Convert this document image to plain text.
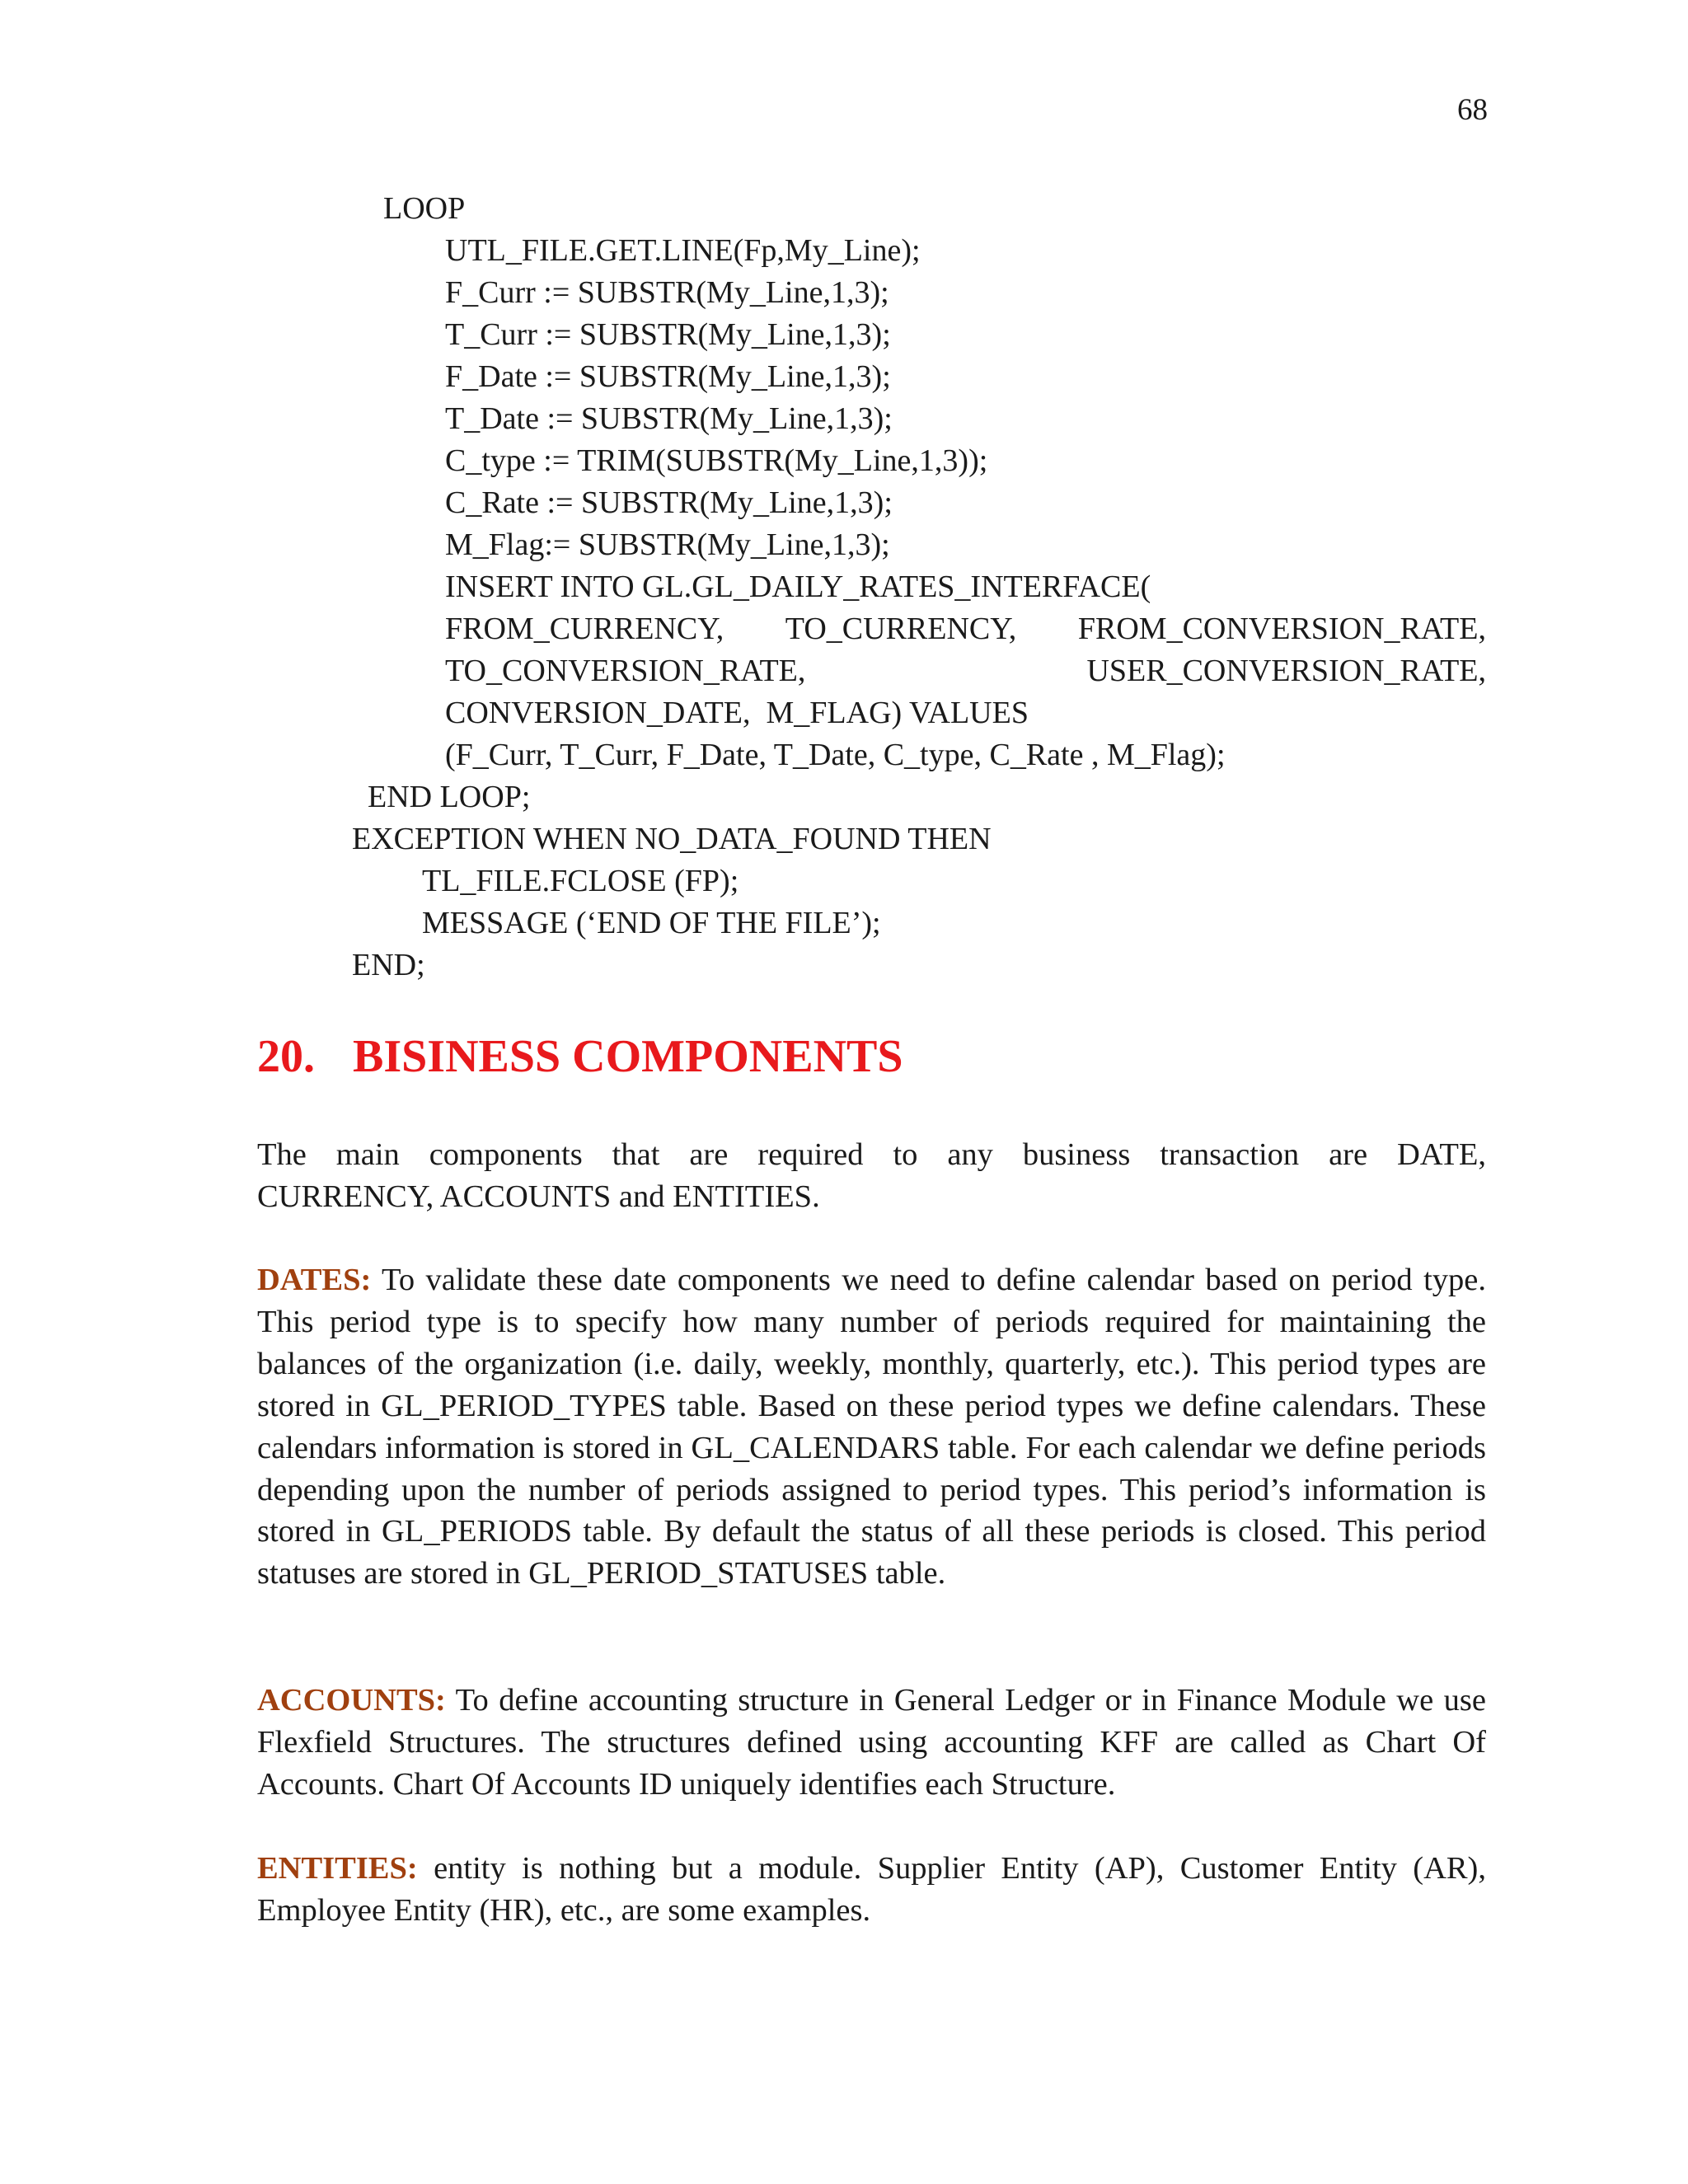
68
LOOP
UTL_FILE.GET.LINE(Fp,My_Line);
F_Curr := SUBSTR(My_Line,1,3);
T_Curr := SUBSTR(My_Line,1,3);
F_Date := SUBSTR(My_Line,1,3);
T_Date := SUBSTR(My_Line,1,3);
C_type := TRIM(SUBSTR(My_Line,1,3));
C_Rate := SUBSTR(My_Line,1,3);
M_Flag:= SUBSTR(My_Line,1,3);
INSERT INTO GL.GL_DAILY_RATES_INTERFACE(
FROM_CURRENCY, TO_CURRENCY, FROM_CONVERSION_RATE,
TO_CONVERSION_RATE,	USER_CONVERSION_RATE,
CONVERSION_DATE,  M_FLAG) VALUES
(F_Curr, T_Curr, F_Date, T_Date, C_type, C_Rate , M_Flag);
END LOOP;
EXCEPTION WHEN NO_DATA_FOUND THEN
TL_FILE.FCLOSE (FP);
MESSAGE (‘END OF THE FILE’);
END;
20. BISINESS COMPONENTS
The main components that are required to any business transaction are DATE,
CURRENCY, ACCOUNTS and ENTITIES.
DATES: To validate these date components we need to define calendar based on period type. This period type is to specify how many number of periods required for maintaining the balances of the organization (i.e. daily, weekly, monthly, quarterly, etc.). This period types are stored in GL_PERIOD_TYPES table. Based on these period types we define calendars. These calendars information is stored in GL_CALENDARS table. For each calendar we define periods depending upon the number of periods assigned to period types. This period’s information is stored in GL_PERIODS table. By default the status of all these periods is closed. This period statuses are stored in GL_PERIOD_STATUSES table.
ACCOUNTS: To define accounting structure in General Ledger or in Finance Module we use Flexfield Structures. The structures defined using accounting KFF are called as Chart Of Accounts. Chart Of Accounts ID uniquely identifies each Structure.
ENTITIES: entity is nothing but a module. Supplier Entity (AP), Customer Entity (AR), Employee Entity (HR), etc., are some examples.
